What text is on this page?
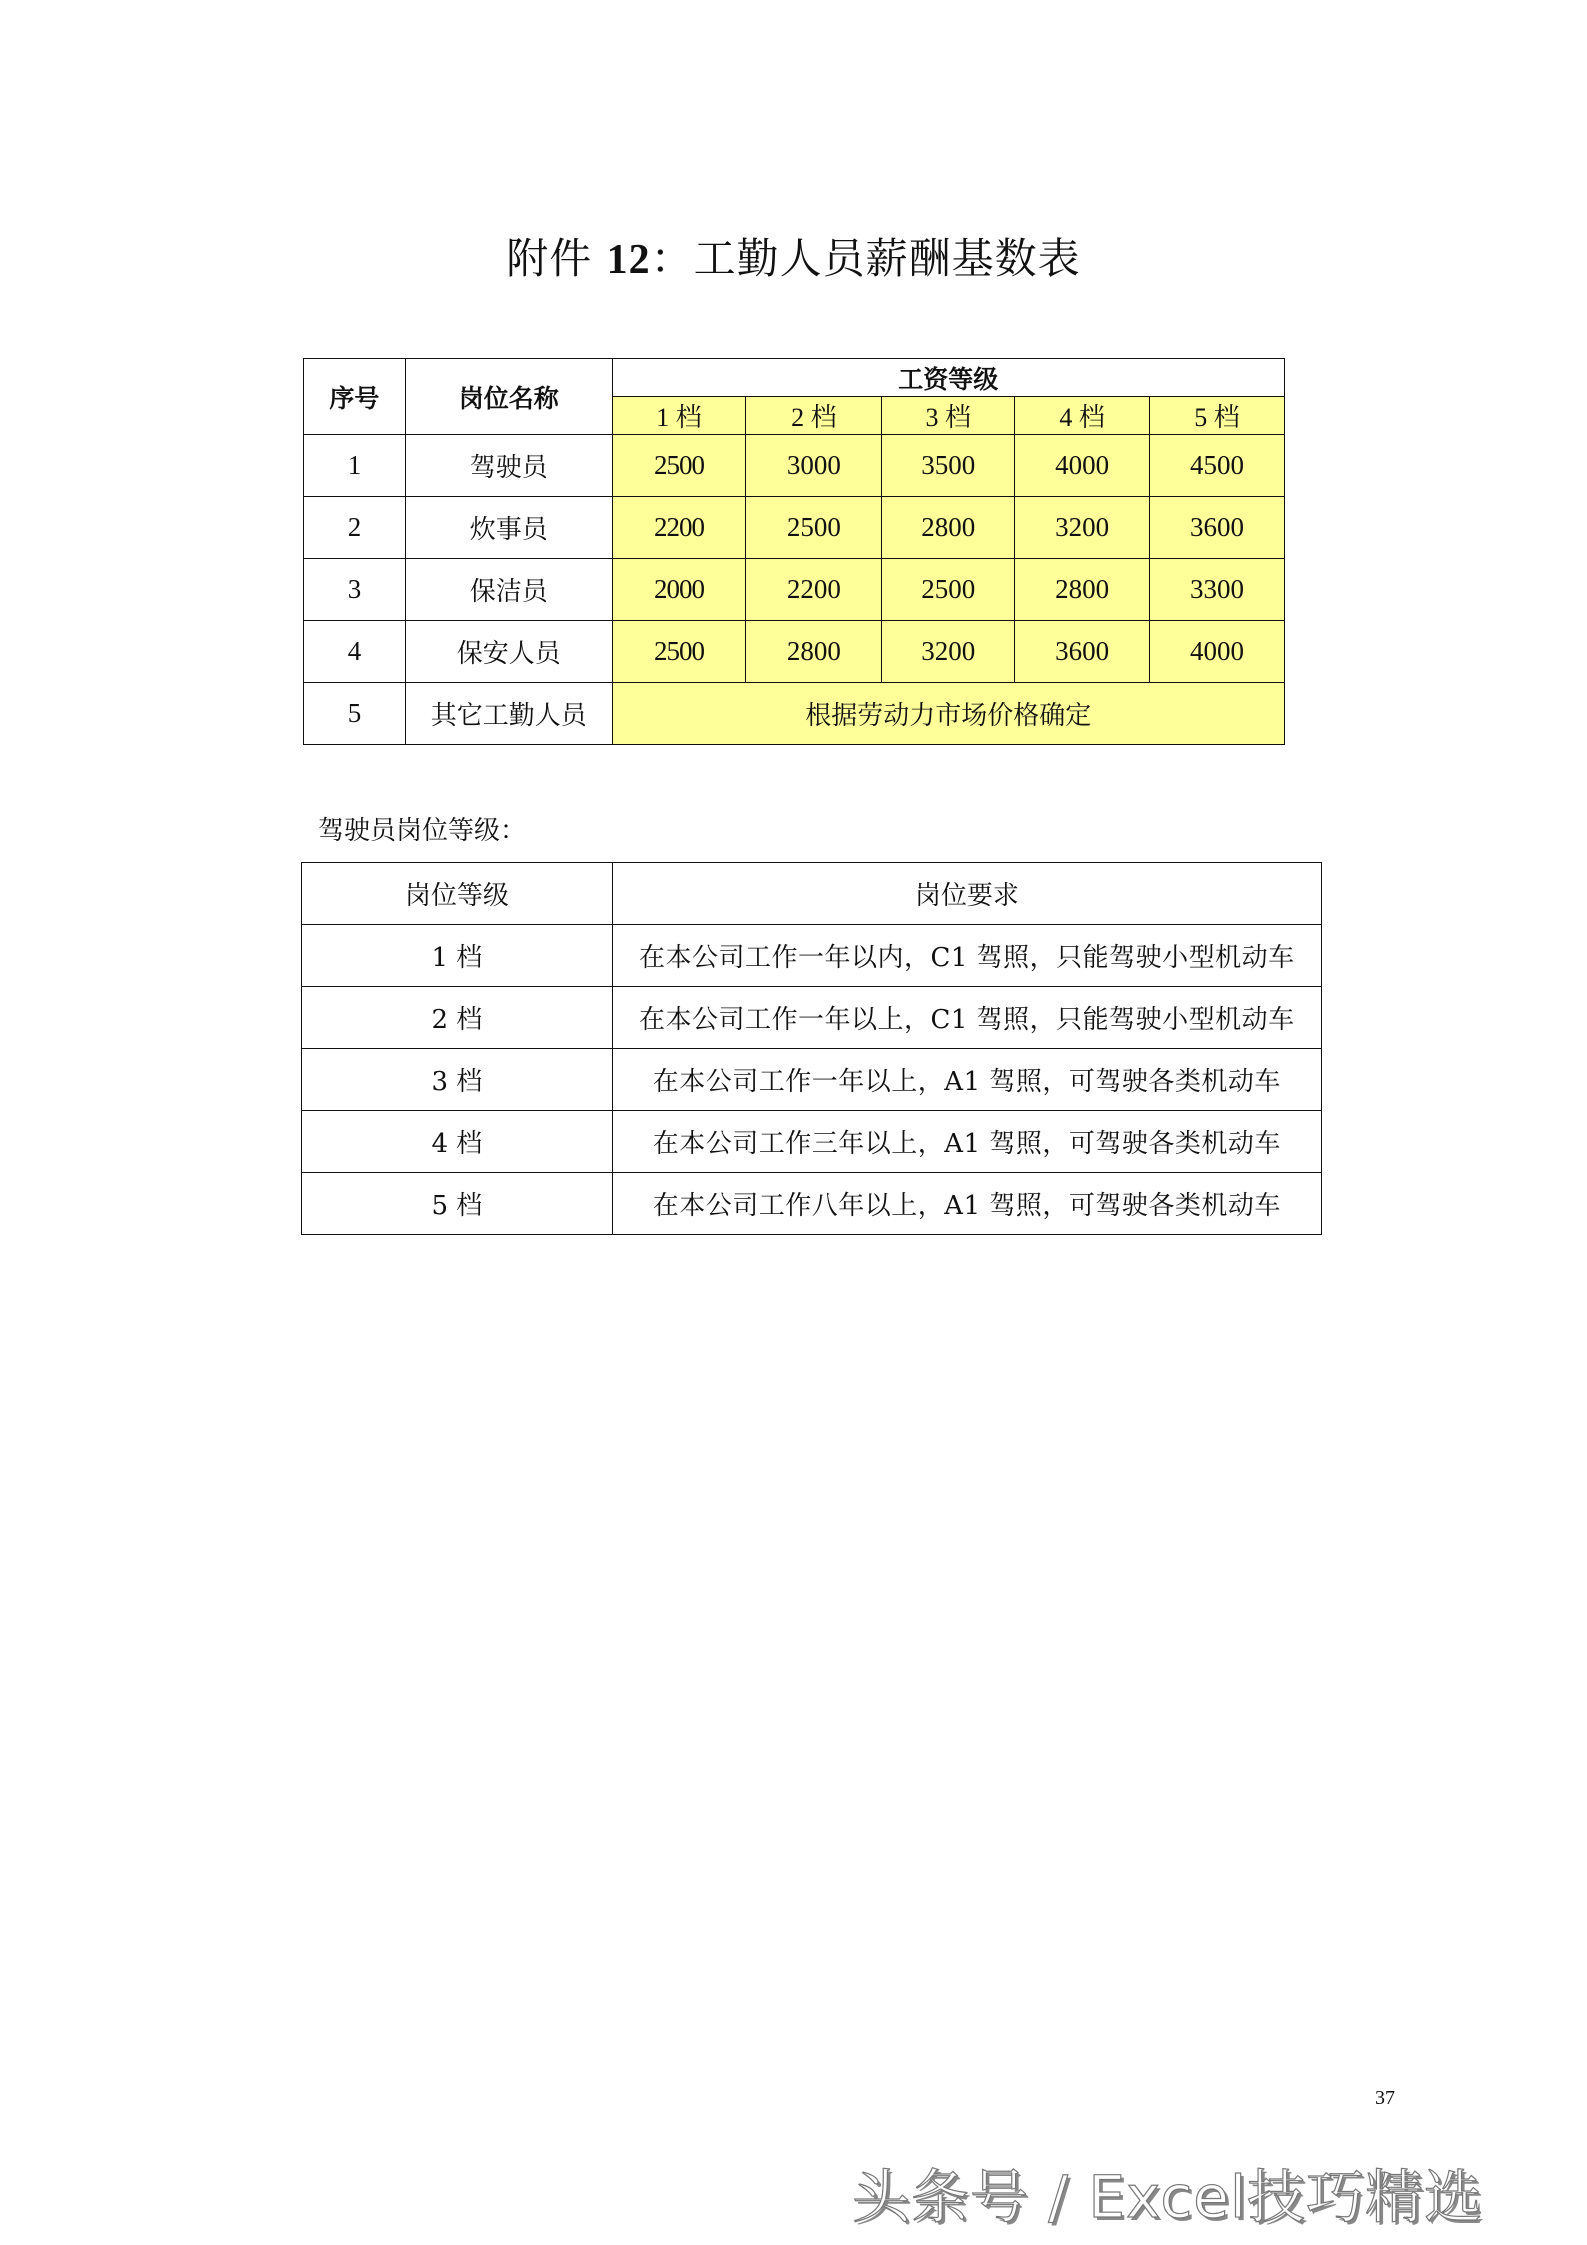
附件 12：工勤人员薪酬基数表
序号	岗位名称	工资等级				
		1 档	2 档	3 档	4 档	5 档
1	驾驶员	2500	3000	3500	4000	4500
2	炊事员	2200	2500	2800	3200	3600
3	保洁员	2000	2200	2500	2800	3300
4	保安人员	2500	2800	3200	3600	4000
5	其它工勤人员	根据劳动力市场价格确定				
驾驶员岗位等级：
岗位等级	岗位要求
1 档	在本公司工作一年以内，C1 驾照，只能驾驶小型机动车
2 档	在本公司工作一年以上，C1 驾照，只能驾驶小型机动车
3 档	在本公司工作一年以上，A1 驾照，可驾驶各类机动车
4 档	在本公司工作三年以上，A1 驾照，可驾驶各类机动车
5 档	在本公司工作八年以上，A1 驾照，可驾驶各类机动车
37
头条号 / Excel技巧精选
